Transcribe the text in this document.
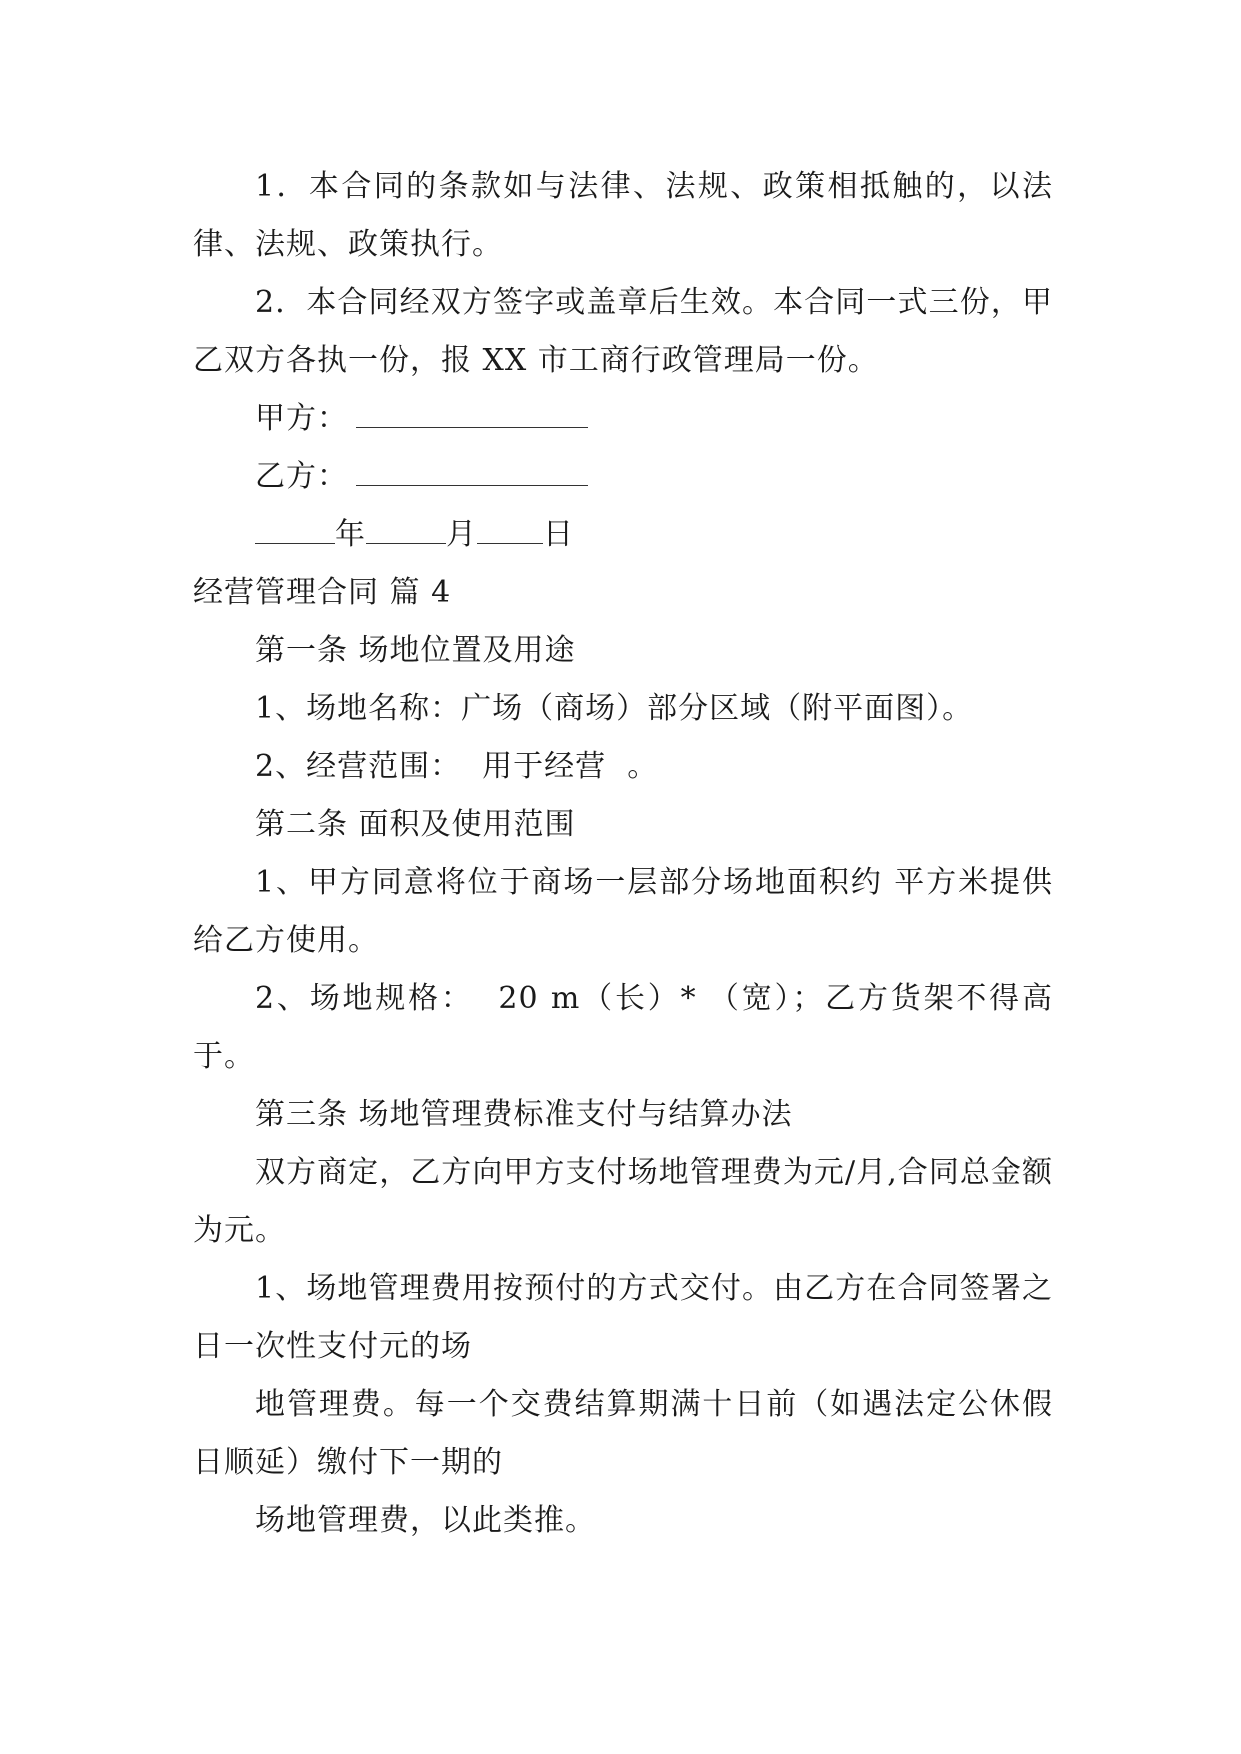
1．本合同的条款如与法律、法规、政策相抵触的，以法律、法规、政策执行。

2．本合同经双方签字或盖章后生效。本合同一式三份，甲乙双方各执一份，报 XX 市工商行政管理局一份。

甲方：

乙方：

年	月 日

经营管理合同 篇 4

第一条 场地位置及用途

1、场地名称：广场（商场）部分区域（附平面图）。

2、经营范围：  用于经营  。

第二条 面积及使用范围

1、甲方同意将位于商场一层部分场地面积约 平方米提供给乙方使用。

2、场地规格：  20 m（长）* （宽）；乙方货架不得高于。

第三条 场地管理费标准支付与结算办法

双方商定，乙方向甲方支付场地管理费为元/月,合同总金额为元。

1、场地管理费用按预付的方式交付。由乙方在合同签署之日一次性支付元的场

地管理费。每一个交费结算期满十日前（如遇法定公休假日顺延）缴付下一期的

场地管理费，以此类推。
